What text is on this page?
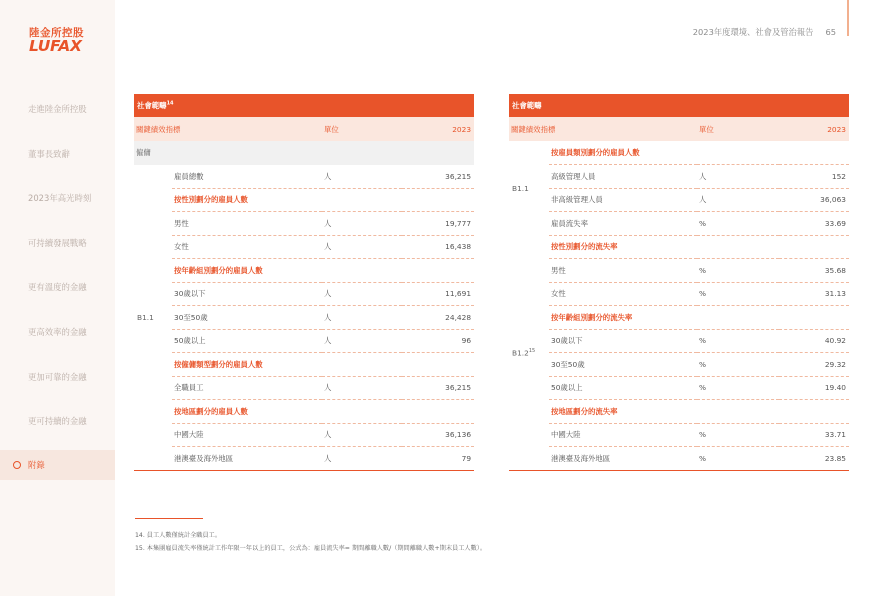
陸金所控股
LUFAX
走進陸金所控股
董事長致辭
2023年高光時刻
可持續發展戰略
更有溫度的金融
更高效率的金融
更加可靠的金融
更可持續的金融
附錄
2023年度環境、社會及管治報告 65
社會範疇$^{14}$
關鍵績效指標		單位	2023
僱傭			
B1.1	雇員總數	人	36,215
	按性別劃分的雇員人數		
	男性	人	19,777
	女性	人	16,438
	按年齡組別劃分的雇員人數		
	30歲以下	人	11,691
	30至50歲	人	24,428
	50歲以上	人	96
	按僱傭類型劃分的雇員人數		
	全職員工	人	36,215
	按地區劃分的雇員人數		
	中國大陸	人	36,136
	港澳臺及海外地區	人	79
社會範疇			
關鍵績效指標		單位	2023
B1.1	按雇員類別劃分的雇員人數		
	高級管理人員	人	152
	非高級管理人員	人	36,063
	雇員流失率	%	33.69
$B1.2^{15}$	按性別劃分的流失率		
	男性	%	35.68
	女性	%	31.13
	按年齡組別劃分的流失率		
	30歲以下	%	40.92
	30至50歲	%	29.32
	50歲以上	%	19.40
	按地區劃分的流失率		
	中國大陸	%	33.71
	港澳臺及海外地區	%	23.85
14. 員工人數僅統計全職員工。
15. 本集團雇員流失率僅統計工作年限一年以上的員工，公式為：雇員流失率= 期間離職人數/（期間離職人數+期末員工人數）。
